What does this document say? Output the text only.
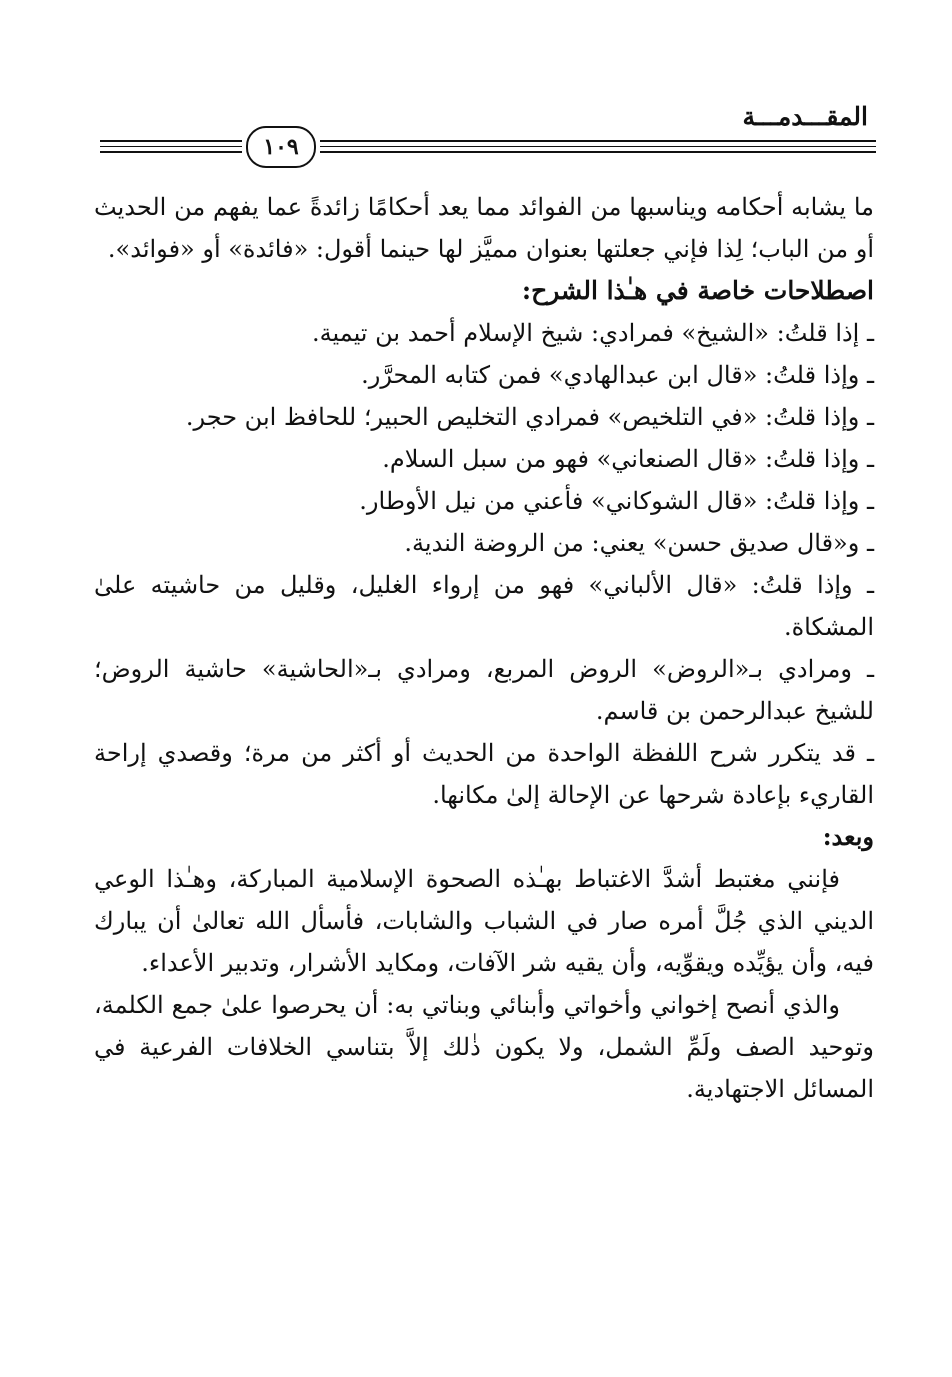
المقـــدمـــة
١٠٩

ما يشابه أحكامه ويناسبها من الفوائد مما يعد أحكامًا زائدةً عما يفهم من الحديث أو من الباب؛ لِذا فإني جعلتها بعنوان مميَّز لها حينما أقول: «فائدة» أو «فوائد».

اصطلاحات خاصة في هـٰذا الشرح:

ـ إذا قلتُ: «الشيخ» فمرادي: شيخ الإسلام أحمد بن تيمية.

ـ وإذا قلتُ: «قال ابن عبدالهادي» فمن كتابه المحرَّر.

ـ وإذا قلتُ: «في التلخيص» فمرادي التخليص الحبير؛ للحافظ ابن حجر.

ـ وإذا قلتُ: «قال الصنعاني» فهو من سبل السلام.

ـ وإذا قلتُ: «قال الشوكاني» فأعني من نيل الأوطار.

ـ و«قال صديق حسن» يعني: من الروضة الندية.

ـ وإذا قلتُ: «قال الألباني» فهو من إرواء الغليل، وقليل من حاشيته علىٰ المشكاة.

ـ ومرادي بـ«الروض» الروض المربع، ومرادي بـ«الحاشية» حاشية الروض؛ للشيخ عبدالرحمن بن قاسم.

ـ قد يتكرر شرح اللفظة الواحدة من الحديث أو أكثر من مرة؛ وقصدي إراحة القاريء بإعادة شرحها عن الإحالة إلىٰ مكانها.

وبعد:

فإنني مغتبط أشدَّ الاغتباط بهـٰذه الصحوة الإسلامية المباركة، وهـٰذا الوعي الديني الذي جُلَّ أمره صار في الشباب والشابات، فأسأل الله تعالىٰ أن يبارك فيه، وأن يؤيِّده ويقوِّيه، وأن يقيه شر الآفات، ومكايد الأشرار، وتدبير الأعداء.

والذي أنصح إخواني وأخواتي وأبنائي وبناتي به: أن يحرصوا علىٰ جمع الكلمة، وتوحيد الصف ولَمِّ الشمل، ولا يكون ذٰلك إلاَّ بتناسي الخلافات الفرعية في المسائل الاجتهادية.
